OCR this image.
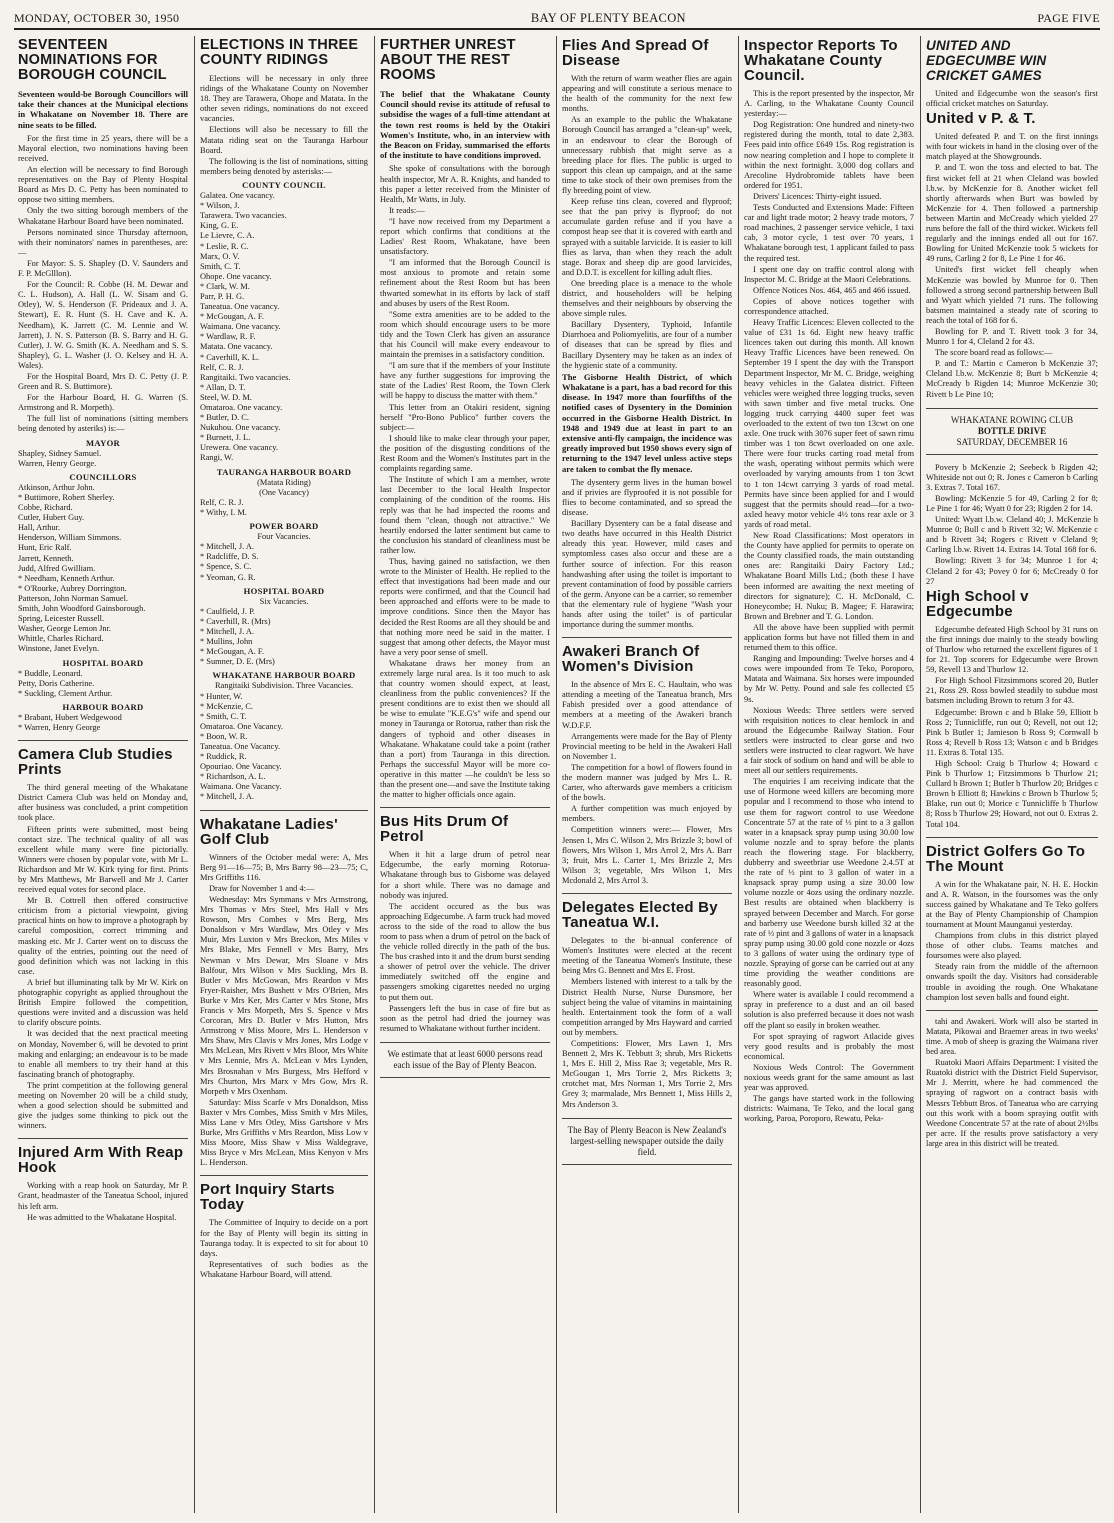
MONDAY, OCTOBER 30, 1950	BAY OF PLENTY BEACON	PAGE FIVE
SEVENTEEN NOMINATIONS FOR BOROUGH COUNCIL
Seventeen would-be Borough Councillors will take their chances at the Municipal elections in Whakatane on November 18. There are nine seats to be filled.

For the first time in 25 years, there will be a Mayoral election, two nominations having been received.

An election will be necessary to find Borough representatives on the Bay of Plenty Hospital Board as Mrs D. C. Petty has been nominated to oppose two sitting members.

Only the two sitting borough members of the Whakatane Harbour Board have been nominated.

Persons nominated since Thursday afternoon, with their nominators' names in parentheses, are:—

For Mayor: S. S. Shapley (D. V. Saunders and F. P. McGlllon).

For the Council: R. Cobbe (H. M. Dewar and C. L. Hudson), A. Hall (L. W. Sisam and G. Otley), W. S. Henderson (F. Prideaux and J. A. Stewart), E. R. Hunt (S. H. Cave and K. A. Needham), K. Jarrett (C. M. Lennie and W. Jarrett), J. N. S. Patterson (B. S. Barry and H. G. Cutler), J. W. G. Smith (K. A. Needham and S. S. Shapley), G. L. Washer (J. O. Kelsey and H. A. Wales).

For the Hospital Board, Mrs D. C. Petty (J. P. Green and R. S. Buttimore).

For the Harbour Board, H. G. Warren (S. Armstrong and R. Morpeth).

The full list of nominations (sitting members being denoted by asteriks) is:—

MAYOR

Shapley, Sidney Samuel.

Warren, Henry George.

COUNCILLORS

Atkinson, Arthur John.

* Buttimore, Robert Sherley.

Cobbe, Richard.

Cutler, Hubert Guy.

Hall, Arthur.

Henderson, William Simmons.

Hunt, Eric Ralf.

Jarrett, Kenneth.

Judd, Alfred Gwilliam.

* Needham, Kenneth Arthur.

* O'Rourke, Aubrey Dorrington.

Patterson, John Norman Samuel.

Smith, John Woodford Gainsborough.

Spring, Leicester Russell.

Washer, George Lemon Jnr.

Whittle, Charles Richard.

Winstone, Janet Evelyn.

HOSPITAL BOARD

* Buddle, Leonard.

Petty, Doris Catherine.

* Suckling, Clement Arthur.

HARBOUR BOARD

* Brabant, Hubert Wedgewood

* Warren, Henry George

Camera Club Studies Prints

The third general meeting of the Whakatane District Camera Club was held on Monday and, after business was concluded, a print competition took place.

Fifteen prints were submitted, most being contact size. The technical quality of all was excellent while many were fine pictorially. Winners were chosen by popular vote, with Mr L. Richardson and Mr W. Kirk tying for first. Prints by Mrs Matthews, Mr Barwell and Mr J. Carter received equal votes for second place.

Mr B. Cottrell then offered constructive criticism from a pictorial viewpoint, giving practical hints on how to improve a photograph by careful composition, correct trimming and masking etc. Mr J. Carter went on to discuss the quality of the entries, pointing out the need of good definition which was not lacking in this case.

A brief but illuminating talk by Mr W. Kirk on photographic copyright as applied throughout the British Empire followed the competition, questions were invited and a discussion was held to clarify obscure points.

It was decided that the next practical meeting on Monday, November 6, will be devoted to print making and enlarging; an endeavour is to be made to enable all members to try their hand at this fascinating branch of photography.

The print competition at the following general meeting on November 20 will be a child study, when a good selection should be submitted and give the judges some thinking to pick out the winners.

Injured Arm With Reap Hook

Working with a reap hook on Saturday, Mr P. Grant, headmaster of the Taneatua School, injured his left arm.

He was admitted to the Whakatane Hospital.

ELECTIONS IN THREE COUNTY RIDINGS

Elections will be necessary in only three ridings of the Whakatane County on November 18. They are Tarawera, Ohope and Matata. In the other seven ridings, nominations do not exceed vacancies.

Elections will also be necessary to fill the Matata riding seat on the Tauranga Harbour Board.

The following is the list of nominations, sitting members being denoted by asterisks:—

COUNTY COUNCIL

Galatea. One vacancy.

* Wilson, J.

Tarawera. Two vacancies.

King, G. E.

Le Lievre, C. A.

* Leslie, R. C.

Marx, O. V.

Smith, C. T.

Ohope. One vacancy.

* Clark, W. M.

Parr, P. H. G.

Taneatua. One vacancy.

* McGougan, A. F.

Waimana. One vacancy.

* Wardlaw, R. F.

Matata. One vacancy.

* Caverhill, K. L.

Relf, C. R. J.

Rangitaiki. Two vacancies.

* Allan, D. T.

Steel, W. D. M.

Omataroa. One vacancy.

* Butler, D. C.

Nukuhou. One vacancy.

* Burnett, J. L.

Urewera. One vacancy.

Rangi, W.

TAURANGA HARBOUR BOARD

(Matata Riding)

(One Vacancy)

Relf, C. R. J.

* Withy, I. M.

POWER BOARD

Four Vacancies.

* Mitchell, J. A.

* Radcliffe, D. S.

* Spence, S. C.

* Yeoman, G. R.

HOSPITAL BOARD

Six Vacancies.

* Caulfield, J. P.

* Caverhill, R. (Mrs)

* Mitchell, J. A.

* Mullins, John

* McGougan, A. F.

* Sumner, D. E. (Mrs)

WHAKATANE HARBOUR BOARD

Rangitaiki Subdivision. Three Vacancies.

* Hunter, W.

* McKenzie, C.

* Smith, C. T.

Omataroa. One Vacancy.

* Boon, W. R.

Taneatua. One Vacancy.

* Ruddick, R.

Opouriao. One Vacancy.

* Richardson, A. L.

Waimana. One Vacancy.

* Mitchell, J. A.

Whakatane Ladies' Golf Club

Winners of the October medal were: A, Mrs Berg 91—16—75; B, Mrs Barry 98—23—75; C, Mrs Griffiths 116.

Draw for November 1 and 4:—

Wednesday: Mrs Symmans v Mrs Armstrong, Mrs Thomas v Mrs Steel, Mrs Hall v Mrs Rowson, Mrs Combes v Mrs Berg, Mrs Donaldson v Mrs Wardlaw, Mrs Otley v Mrs Muir, Mrs Luxton v Mrs Breckon, Mrs Miles v Mrs Blake, Mrs Fennell v Mrs Barry, Mrs Newman v Mrs Dewar, Mrs Sloane v Mrs Balfour, Mrs Wilson v Mrs Suckling, Mrs B. Butler v Mrs McGowan, Mrs Reardon v Mrs Fryer-Raisher, Mrs Bushett v Mrs O'Brien, Mrs Burke v Mrs Ker, Mrs Carter v Mrs Stone, Mrs Francis v Mrs Morpeth, Mrs S. Spence v Mrs Corcoran, Mrs D. Butler v Mrs Hutton, Mrs Armstrong v Miss Moore, Mrs L. Henderson v Mrs Shaw, Mrs Clavis v Mrs Jones, Mrs Lodge v Mrs McLean, Mrs Rivett v Mrs Bloor, Mrs White v Mrs Lennie, Mrs A. McLean v Mrs Lynden, Mrs Brosnahan v Mrs Burgess, Mrs Hefford v Mrs Churton, Mrs Marx v Mrs Gow, Mrs R. Morpeth v Mrs Oxenham.

Saturday: Miss Scarfe v Mrs Donaldson, Miss Baxter v Mrs Combes, Miss Smith v Mrs Miles, Miss Lane v Mrs Otley, Miss Gartshore v Mrs Burke, Mrs Griffiths v Mrs Reardon, Miss Low v Miss Moore, Miss Shaw v Miss Waldegrave, Miss Bryce v Mrs McLean, Miss Kenyon v Mrs L. Henderson.

Port Inquiry Starts Today

The Committee of Inquiry to decide on a port for the Bay of Plenty will begin its sitting in Tauranga today. It is expected to sit for about 10 days.

Representatives of such bodies as the Whakatane Harbour Board, will attend.

FURTHER UNREST ABOUT THE REST ROOMS
The belief that the Whakatane County Council should revise its attitude of refusal to subsidise the wages of a full-time attendant at the town rest rooms is held by the Otakiri Women's Institute, who, in an interview with the Beacon on Friday, summarised the efforts of the institute to have conditions improved.

She spoke of consultations with the borough health inspector, Mr A. R. Knights, and handed to this paper a letter received from the Minister of Health, Mr Watts, in July.

It reads:—

"I have now received from my Department a report which confirms that conditions at the Ladies' Rest Room, Whakatane, have been unsatisfactory.

"I am informed that the Borough Council is most anxious to promote and retain some refinement about the Rest Room but has been thwarted somewhat in its efforts by lack of staff and abuses by users of the Rest Room.

"Some extra amenities are to be added to the room which should encourage users to be more tidy and the Town Clerk has given an assurance that his Council will make every endeavour to maintain the premises in a satisfactory condition.

"I am sure that if the members of your Institute have any further suggestions for improving the state of the Ladies' Rest Room, the Town Clerk will be happy to discuss the matter with them."

This letter from an Otakiri resident, signing herself "Pro-Bono Publico" further covers the subject:—

I should like to make clear through your paper, the position of the disgusting conditions of the Rest Room and the Women's Institutes part in the complaints regarding same.

The Institute of which I am a member, wrote last December to the local Health Inspector complaining of the condition of the rooms. His reply was that he had inspected the rooms and found them "clean, though not attractive." We heartily endorsed the latter sentiment but came to the conclusion his standard of cleanliness must be rather low.

Thus, having gained no satisfaction, we then wrote to the Minister of Health. He replied to the effect that investigations had been made and our reports were confirmed, and that the Council had been approached and efforts were to be made to improve conditions. Since then the Mayor has decided the Rest Rooms are all they should be and that nothing more need be said in the matter. I suggest that among other defects, the Mayor must have a very poor sense of smell.

Whakatane draws her money from an extremely large rural area. Is it too much to ask that country women should expect, at least, cleanliness from the public conveniences? If the present conditions are to exist then we should all be wise to emulate "K.E.G's" wife and spend our money in Tauranga or Rotorua, rather than risk the dangers of typhoid and other diseases in Whakatane. Whakatane could take a point (rather than a port) from Tauranga in this direction. Perhaps the successful Mayor will be more co-operative in this matter —he couldn't be less so than the present one—and save the Institute taking the matter to higher officials once again.

Bus Hits Drum Of Petrol

When it hit a large drum of petrol near Edgecumbe, the early morning Rotorua-Whakatane through bus to Gisborne was delayed for a short while. There was no damage and nobody was injured.

The accident occured as the bus was approaching Edgecumbe. A farm truck had moved across to the side of the road to allow the bus room to pass when a drum of petrol on the back of the vehicle rolled directly in the path of the bus. The bus crashed into it and the drum burst sending a shower of petrol over the vehicle. The driver immediately switched off the engine and passengers smoking cigarettes needed no urging to put them out.

Passengers left the bus in case of fire but as soon as the petrol had dried the journey was resumed to Whakatane without further incident.

We estimate that at least 6000 persons read each issue of the Bay of Plenty Beacon.
Flies And Spread Of Disease

With the return of warm weather flies are again appearing and will constitute a serious menace to the health of the community for the next few months.

As an example to the public the Whakatane Borough Council has arranged a "clean-up" week, in an endeavour to clear the Borough of unnecessary rubbish that might serve as a breeding place for flies. The public is urged to support this clean up campaign, and at the same time to take stock of their own premises from the fly breeding point of view.

Keep refuse tins clean, covered and flyproof; see that the pan privy is flyproof; do not accumulate garden refuse and if you have a compost heap see that it is covered with earth and sprayed with a suitable larvicide. It is easier to kill flies as larva, than when they reach the adult stage. Borax and sheep dip are good larvicides, and D.D.T. is excellent for killing adult flies.

One breeding place is a menace to the whole district, and householders will be helping themselves and their neighbours by observing the above simple rules.

Bacillary Dysentery, Typhoid, Infantile Diarrhoea and Poliomyelitis, are four of a number of diseases that can be spread by flies and Bacillary Dysentery may be taken as an index of the hygienic state of a community.

The Gisborne Health District, of which Whakatane is a part, has a bad record for this disease. In 1947 more than fourfifths of the notified cases of Dysentery in the Dominion occurred in the Gisborne Health District. In 1948 and 1949 due at least in part to an extensive anti-fly campaign, the incidence was greatly improved but 1950 shows every sign of returning to the 1947 level unless active steps are taken to combat the fly menace.

The dysentery germ lives in the human bowel and if privies are flyproofed it is not possible for flies to become contaminated, and so spread the disease.

Bacillary Dysentery can be a fatal disease and two deaths have occurred in this Health District already this year. However, mild cases and symptomless cases also occur and these are a further source of infection. For this reason handwashing after using the toilet is important to prevent contamination of food by possible carriers of the germ. Anyone can be a carrier, so remember that the elementary rule of hygiene "Wash your hands after using the toilet" is of particular importance during the summer months.

Awakeri Branch Of Women's Division

In the absence of Mrs E. C. Haultain, who was attending a meeting of the Taneatua branch, Mrs Fabish presided over a good attendance of members at a meeting of the Awakeri branch W.D.F.F.

Arrangements were made for the Bay of Plenty Provincial meeting to be held in the Awakeri Hall on November 1.

The competition for a bowl of flowers found in the modern manner was judged by Mrs L. R. Carter, who afterwards gave members a criticism of the bowls.

A further competition was much enjoyed by members.

Competition winners were:— Flower, Mrs Jensen 1, Mrs C. Wilson 2, Mrs Brizzle 3; bowl of flowers, Mrs Wilson 1, Mrs Arrol 2, Mrs A. Barr 3; fruit, Mrs L. Carter 1, Mrs Brizzle 2, Mrs Wilson 3; vegetable, Mrs Wilson 1, Mrs Mcdonald 2, Mrs Arrol 3.

Delegates Elected By Taneatua W.I.

Delegates to the bi-annual conference of Women's Institutes were elected at the recent meeting of the Taneatua Women's Institute, these being Mrs G. Bennett and Mrs E. Frost.

Members listened with interest to a talk by the District Health Nurse, Nurse Dunsmore, her subject being the value of vitamins in maintaining health. Entertainment took the form of a wall competition arranged by Mrs Hayward and carried out by members.

Competitions: Flower, Mrs Lawn 1, Mrs Bennett 2, Mrs K. Tebbutt 3; shrub, Mrs Ricketts 1, Mrs E. Hill 2, Miss Rae 3; vegetable, Mrs R. McGougan 1, Mrs Torrie 2, Mrs Ricketts 3; crotchet mat, Mrs Norman 1, Mrs Torrie 2, Mrs Grey 3; marmalade, Mrs Bennett 1, Miss Hills 2, Mrs Anderson 3.

The Bay of Plenty Beacon is New Zealand's largest-selling newspaper outside the daily field.
Inspector Reports To Whakatane County Council.

This is the report presented by the inspector, Mr A. Carling, to the Whakatane County Council yesterday:—

Dog Registration: One hundred and ninety-two registered during the month, total to date 2,383. Fees paid into office £649 15s. Rog registration is now nearing completion and I hope to complete it within the next fortnight. 3,000 dog collars and Arecoline Hydrobromide tablets have been ordered for 1951.

Drivers' Licences: Thirty-eight issued.

Tests Conducted and Extensions Made: Fifteen car and light trade motor; 2 heavy trade motors, 7 road machines, 2 passenger service vehicle, 1 taxi cab, 3 motor cycle, 1 test over 70 years, 1 Whakatane borough test, 1 applicant failed to pass the required test.

I spent one day on traffic control along with Inspector M. C. Bridge at the Maori Celebrations.

Offence Notices Nos. 464, 465 and 466 issued.

Copies of above notices together with correspondence attached.

Heavy Traffic Licences: Eleven collected to the value of £31 1s 6d. Eight new heavy traffic licences taken out during this month. All known Heavy Traffic Licences have been renewed. On September 19 I spent the day with the Transport Department Inspector, Mr M. C. Bridge, weighing heavy vehicles in the Galatea district. Fifteen vehicles were weighed three logging trucks, seven with sawn timber and five metal trucks. One logging truck carrying 4400 super feet was overloaded to the extent of two ton 13cwt on one axle. One truck with 3076 super feet of sawn rimu timber was 1 ton 8cwt overloaded on one axle. There were four trucks carting road metal from the wash, operating without permits which were overloaded by varying amounts from 1 ton 3cwt to 1 ton 14cwt carrying 3 yards of road metal. Permits have since been applied for and I would suggest that the permits should read—for a two-axled heavy motor vehicle 4½ tons rear axle or 3 yards of road metal.

New Road Classifications: Most operators in the County have applied for permits to operate on the County classified roads, the main outstanding ones are: Rangitaiki Dairy Factory Ltd.; Whakatane Board Mills Ltd.; (both these I have been informed are awaiting the next meeting of directors for signature); C. H. McDonald, C. Honeycombe; H. Nuku; B. Magee; F. Harawira; Brown and Brebner and T. G. London.

All the above have been supplied with permit application forms but have not filled them in and returned them to this office.

Ranging and Impounding: Twelve horses and 4 cows were impounded from Te Teko, Poroporo, Matata and Waimana. Six horses were impounded by Mr W. Petty. Pound and sale fes collected £5 9s.

Noxious Weeds: Three settlers were served with requisition notices to clear hemlock in and around the Edgecumbe Railway Station. Four settlers were instructed to clear gorse and two settlers were instructed to clear ragwort. We have a fair stock of sodium on hand and will be able to meet all our settlers requirements.

The enquiries I am receiving indicate that the use of Hormone weed killers are becoming more popular and I recommend to those who intend to use them for ragwort control to use Weedone Concentrate 57 at the rate of ⅓ pint to a 3 gallon water in a knapsack spray pump using 30.00 low volume nozzle and to spray before the plants reach the flowering stage. For blackberry, dubberry and sweetbriar use Weedone 2.4.5T at the rate of ⅓ pint to 3 gallon of water in a knapsack spray pump using a size 30.00 low volume nozzle or 4ozs using the ordinary nozzle. Best results are obtained when blackberry is sprayed between December and March. For gorse and barberry use Weedone bursh killed 32 at the rate of ⅓ pint and 3 gallons of water in a knapsack spray pump using 30.00 gold cone nozzle or 4ozs to 3 gallons of water using the ordinary type of nozzle. Spraying of gorse can be carried out at any time providing the weather conditions are reasonably good.

Where water is available I could recommend a spray in preference to a dust and an oil based solution is also preferred because it does not wash off the plant so easily in broken weather.

For spot spraying of ragwort Atlacide gives very good results and is probably the most economical.

Noxious Weds Control: The Government noxious weeds grant for the same amount as last year was approved.

The gangs have started work in the following districts: Waimana, Te Teko, and the local gang working, Paroa, Poroporo, Rewatu, Peka-

UNITED AND EDGECUMBE WIN CRICKET GAMES

United and Edgecumbe won the season's first official cricket matches on Saturday.

United v P. & T.

United defeated P. and T. on the first innings with four wickets in hand in the closing over of the match played at the Showgrounds.

P. and T. won the toss and elected to bat. The first wicket fell at 21 when Cleland was bowled l.b.w. by McKenzie for 8. Another wicket fell shortly afterwards when Burt was bowled by McKenzie for 4. Then followed a partnership between Martin and McCready which yielded 27 runs before the fall of the third wicket. Wickets fell regularly and the innings ended all out for 167. Bowling for United McKenzie took 5 wickets for 49 runs, Carling 2 for 8, Le Pine 1 for 46.

United's first wicket fell cheaply when McKenzie was bowled by Munroe for 0. Then followed a strong second partnership between Bull and Wyatt which yielded 71 runs. The following batsmen maintained a steady rate of scoring to reach the total of 168 for 6.

Bowling for P. and T. Rivett took 3 for 34, Munro 1 for 4, Cleland 2 for 43.

The score board read as follows:—

P. and T.: Martin c Cameron b McKenzie 37; Cleland l.b.w. McKenzie 8; Burt b McKenzie 4; McCready b Rigden 14; Munroe McKenzie 30; Rivett b Le Pine 10;

WHAKATANE ROWING CLUB
BOTTLE DRIVE
SATURDAY, DECEMBER 16

Povery b McKenzie 2; Seebeck b Rigden 42; Whiteside not out 0; R. Jones c Cameron b Carling 3. Extras 7. Total 167.

Bowling: McKenzie 5 for 49, Carling 2 for 8; Le Pine 1 for 46; Wyatt 0 for 23; Rigden 2 for 14.

United: Wyatt l.b.w. Cleland 40; J. McKenzie b Munroe 0; Bull c and b Rivett 32; W. McKenzie c and b Rivett 34; Rogers c Rivett v Cleland 9; Carling l.b.w. Rivett 14. Extras 14. Total 168 for 6.

Bowling: Rivett 3 for 34; Munroe 1 for 4; Cleland 2 for 43; Povey 0 for 6; McCready 0 for 27

High School v Edgecumbe

Edgecumbe defeated High School by 31 runs on the first innings due mainly to the steady bowling of Thurlow who returned the excellent figures of 1 for 21. Top scorers for Edgecumbe were Brown 59, Revell 13 and Thurlow 12.

For High School Fitzsimmons scored 20, Butler 21, Ross 29. Ross bowled steadily to subdue most batsmen including Brown to return 3 for 43.

Edgecumbe: Brown c and b Blake 59, Elliott b Ross 2; Tunnicliffe, run out 0; Revell, not out 12; Pink b Butler 1; Jamieson b Ross 9; Cornwall b Ross 4; Revell b Ross 13; Watson c and b Bridges 11. Extras 8. Total 135.

High School: Craig b Thurlow 4; Howard c Pink b Thurlow 1; Fitzsimmons b Thurlow 21; Cullard b Brown 1; Butler b Thurlow 20; Bridges c Brown b Elliott 8; Hawkins c Brown b Thurlow 5; Blake, run out 0; Morice c Tunnicliffe b Thurlow 8; Ross b Thurlow 29; Howard, not out 0. Extras 2. Total 104.

District Golfers Go To The Mount

A win for the Whakatane pair, N. H. E. Hockin and A. R. Watson, in the foursomes was the only success gained by Whakatane and Te Teko golfers at the Bay of Plenty Championship of Champion tournament at Mount Maunganui yesterday.

Champions from clubs in this district played those of other clubs. Teams matches and foursomes were also played.

Steady rain from the middle of the afternoon onwards spoilt the day. Visitors had considerable trouble in avoiding the rough. One Whakatane champion lost seven balls and found eight.

tahi and Awakeri. Work will also be started in Matata, Pikowai and Braemer areas in two weeks' time. A mob of sheep is grazing the Waimana river bed area.

Ruatoki Maori Affairs Department: I visited the Ruatoki district with the District Field Supervisor, Mr J. Merritt, where he had commenced the spraying of ragwort on a contract basis with Messrs Tebbutt Bros. of Taneatua who are carrying out this work with a boom spraying outfit with Weedone Concentrate 57 at the rate of about 2½lbs per acre. If the results prove satisfactory a very large area in this district will be treated.
